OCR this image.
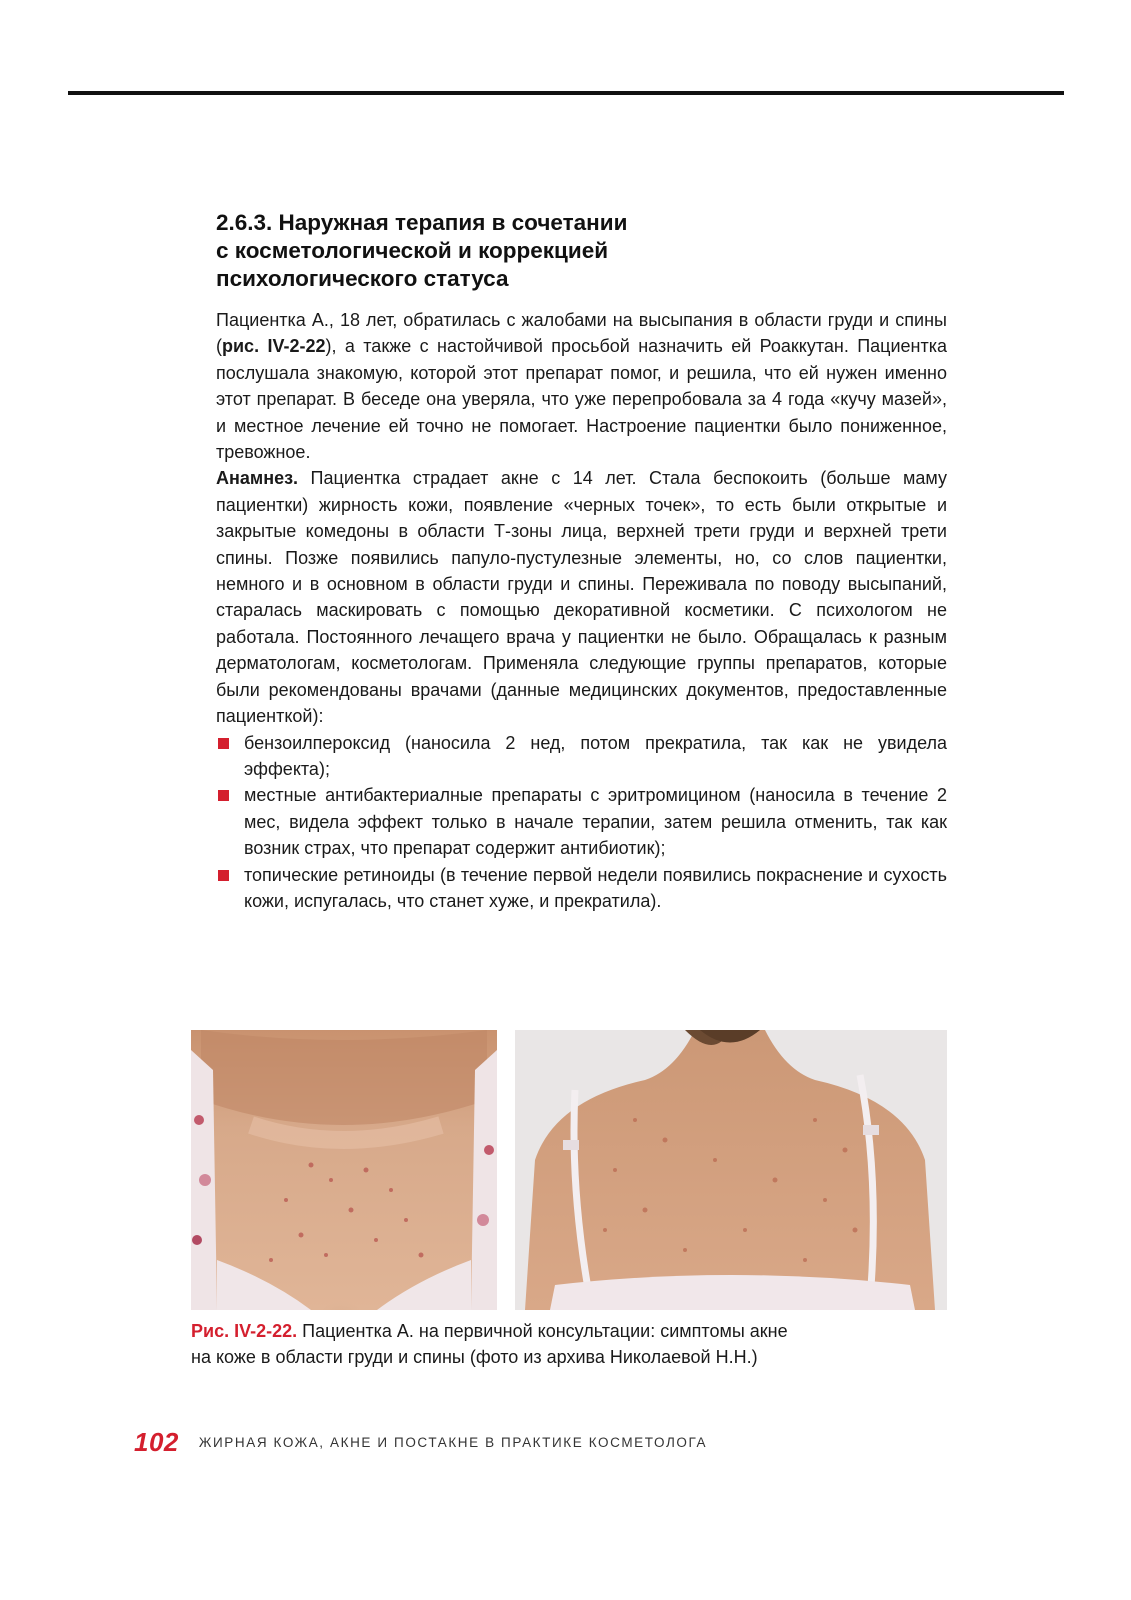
2.6.3. Наружная терапия в сочетании
с косметологической и коррекцией
психологического статуса

Пациентка А., 18 лет, обратилась с жалобами на высыпания в области груди и спины (рис. IV-2-22), а также с настойчивой просьбой назначить ей Роаккутан. Пациентка послушала знакомую, которой этот препарат помог, и решила, что ей нужен именно этот препарат. В беседе она уверяла, что уже перепробовала за 4 года «кучу мазей», и местное лечение ей точно не помогает. Настроение пациентки было пониженное, тревожное.

Анамнез. Пациентка страдает акне с 14 лет. Стала беспокоить (больше маму пациентки) жирность кожи, появление «черных точек», то есть были открытые и закрытые комедоны в области Т-зоны лица, верхней трети груди и верхней трети спины. Позже появились папуло-пустулезные элементы, но, со слов пациентки, немного и в основном в области груди и спины. Переживала по поводу высыпаний, старалась маскировать с помощью декоративной косметики. С психологом не работала. Постоянного лечащего врача у пациентки не было. Обращалась к разным дерматологам, косметологам. Применяла следующие группы препаратов, которые были рекомендованы врачами (данные медицинских документов, предоставленные пациенткой):

бензоилпероксид (наносила 2 нед, потом прекратила, так как не увидела эффекта);
местные антибактериалные препараты с эритромицином (наносила в течение 2 мес, видела эффект только в начале терапии, затем решила отменить, так как возник страх, что препарат содержит антибиотик);
топические ретиноиды (в течение первой недели появились покраснение и сухость кожи, испугалась, что станет хуже, и прекратила).
Рис. IV-2-22. Пациентка А. на первичной консультации: симптомы акне
на коже в области груди и спины (фото из архива Николаевой Н.Н.)
102 ЖИРНАЯ КОЖА, АКНЕ И ПОСТАКНЕ В ПРАКТИКЕ КОСМЕТОЛОГА
